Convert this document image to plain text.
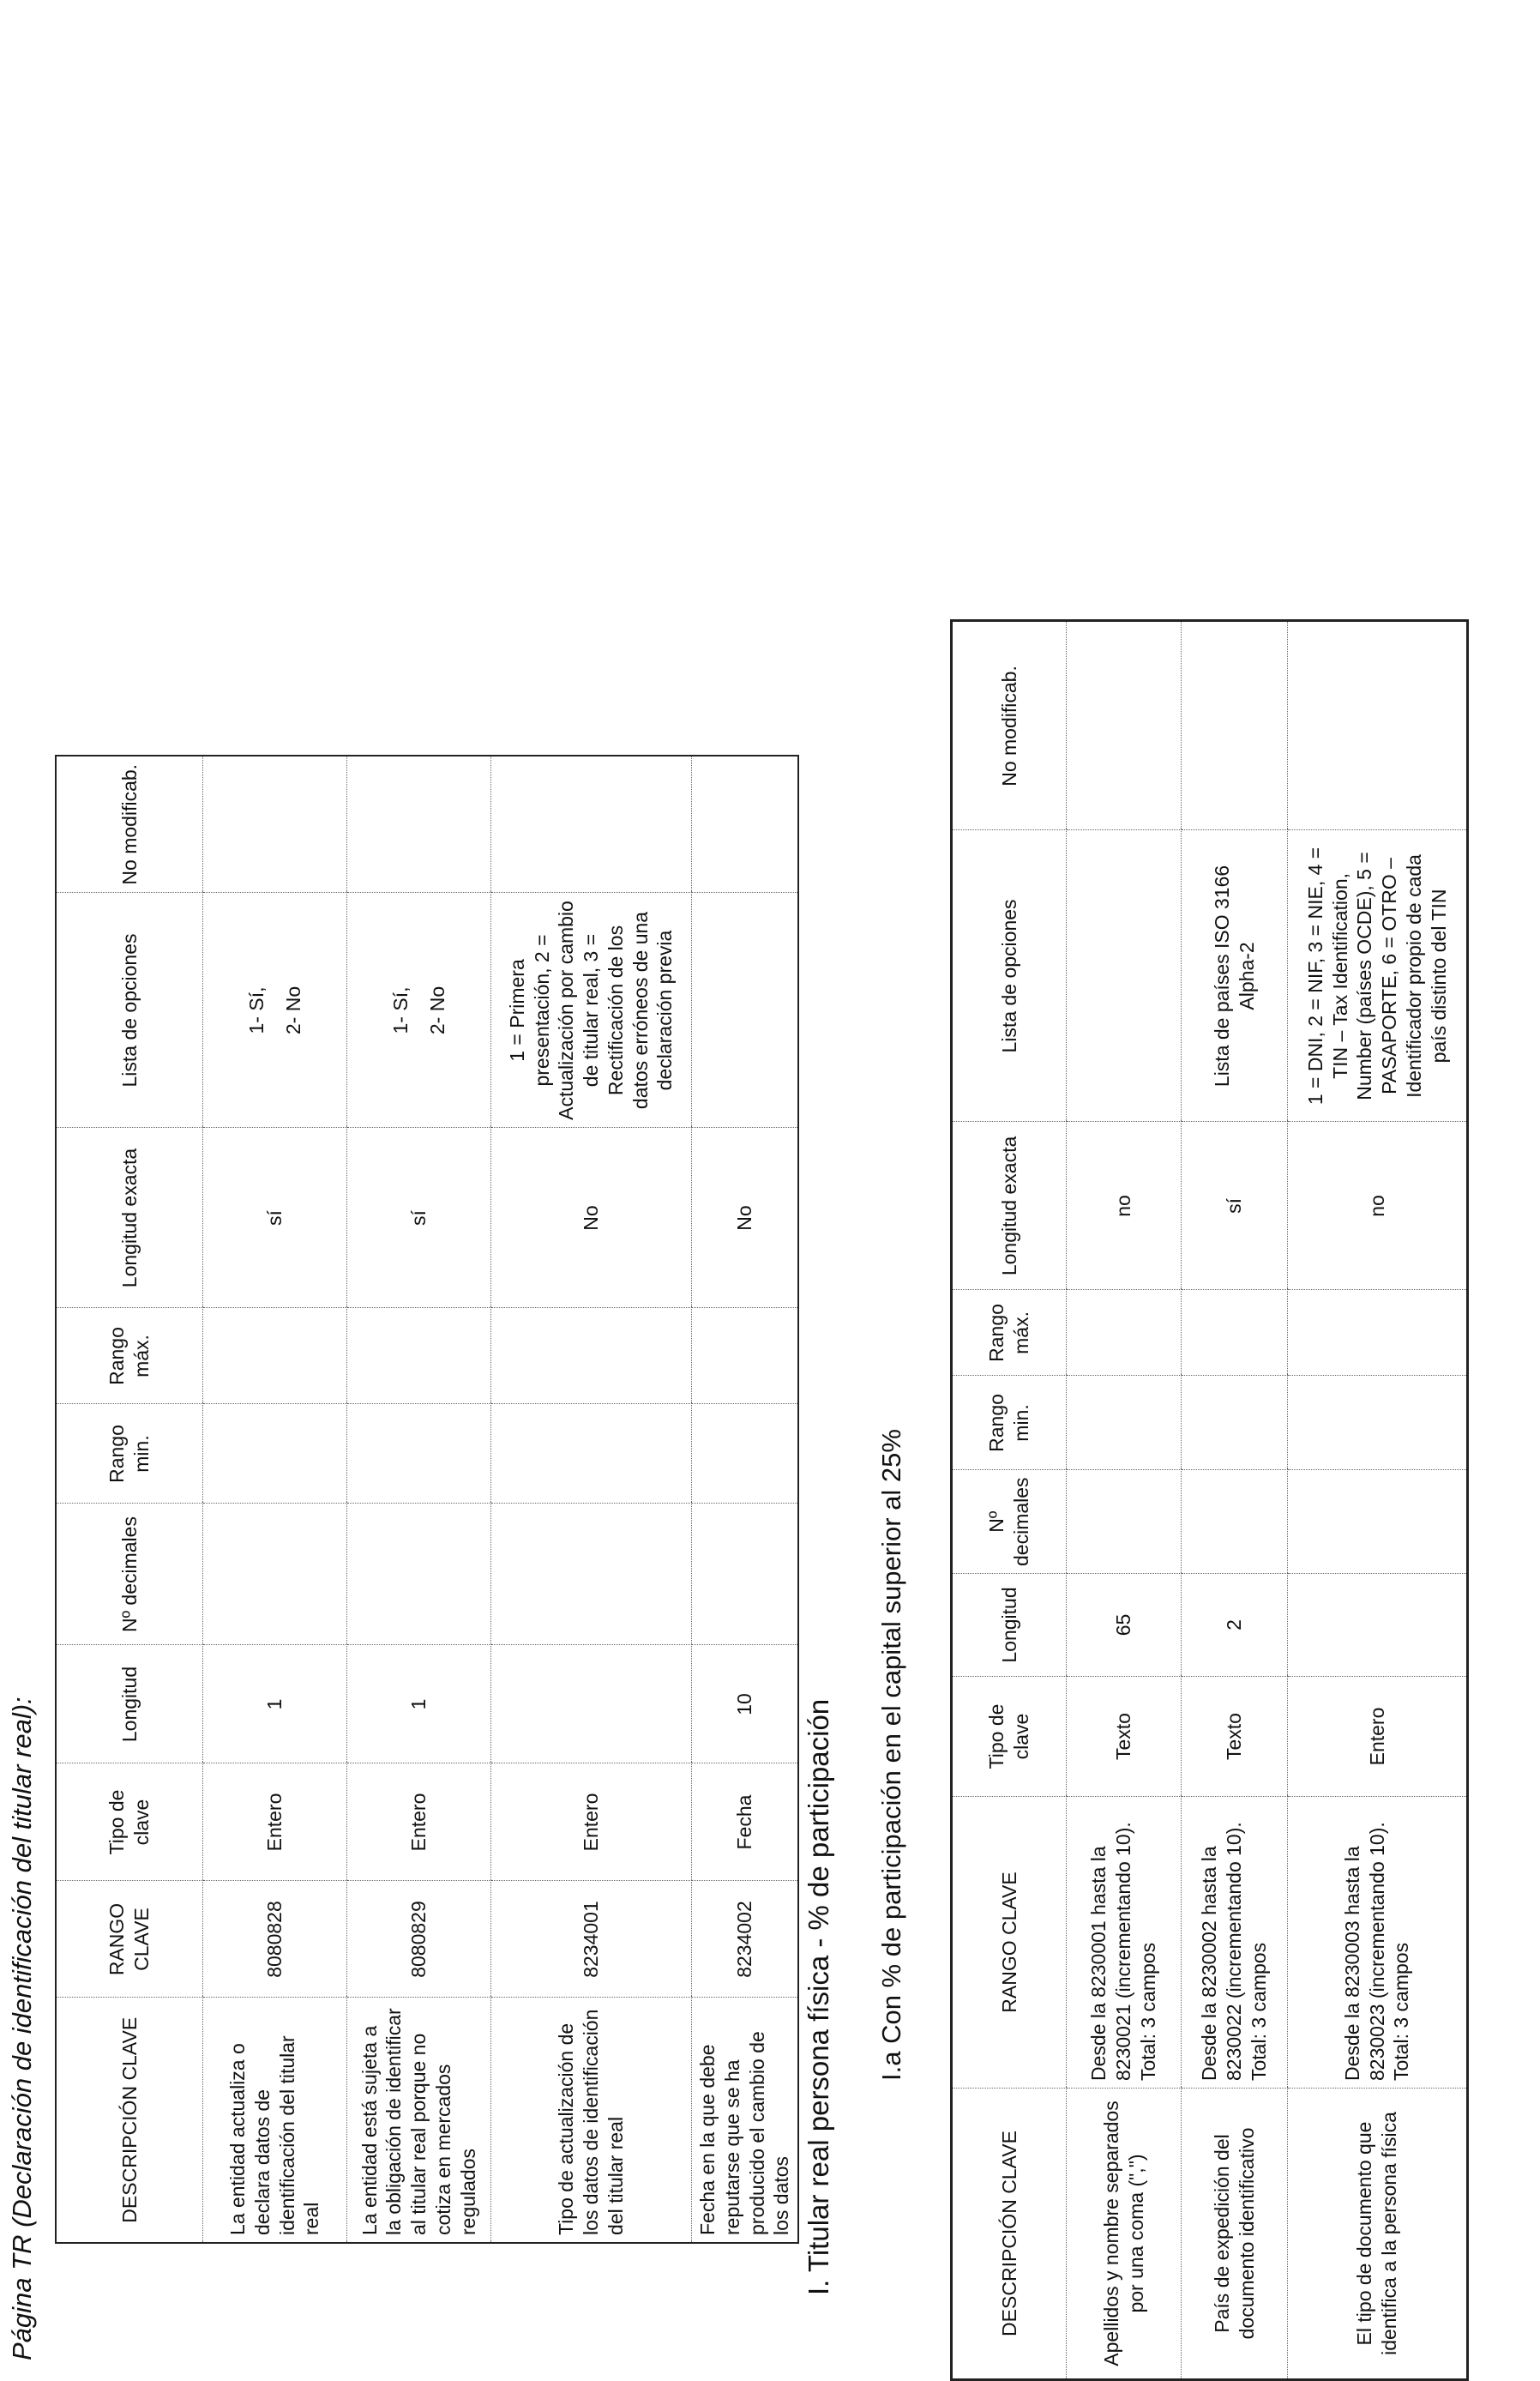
Página TR (Declaración de identificación del titular real):	DESCRIPCIÓN CLAVE	RANGO CLAVE	Tipo de clave	Longitud	Nº decimales	Rango min.	Rango máx.	Longitud exacta	Lista de opciones	No modificab.
La entidad actualiza o declara datos de identificación del titular real	8080828	Entero	1				sí	1- Sí, 2- No	

La entidad está sujeta a la obligación de identificar al titular real porque no cotiza en mercados regulados	8080829	Entero	1				sí	1- Sí, 2- No	

Tipo de actualización de los datos de identificación del titular real	8234001	Entero					No	1 = Primera presentación, 2 = Actualización por cambio de titular real, 3 = Rectificación de los datos erróneos de una declaración previa	
Fecha en la que debe reputarse que se ha producido el cambio de los datos	8234002	Fecha	10				No		
I. Titular real persona física - % de participación I.a Con % de participación en el capital superior al 25%
DESCRIPCIÓN CLAVE	RANGO CLAVE	Tipo de clave	Longitud	Nº decimales	Rango min.	Rango máx.	Longitud exacta	Lista de opciones	No modificab.
Apellidos y nombre separados por una coma (",")	Desde la 8230001 hasta la 8230021 (incrementando 10). Total: 3 campos	Texto	65				no		
País de expedición del documento identificativo	Desde la 8230002 hasta la 8230022 (incrementando 10). Total: 3 campos	Texto	2				sí	Lista de países ISO 3166 Alpha-2	
El tipo de documento que identifica a la persona física	Desde la 8230003 hasta la 8230023 (incrementando 10). Total: 3 campos	Entero					no	1 = DNI, 2 = NIF, 3 = NIE, 4 = TIN – Tax Identification, Number (países OCDE), 5 = PASAPORTE, 6 = OTRO – Identificador propio de cada país distinto del TIN	
